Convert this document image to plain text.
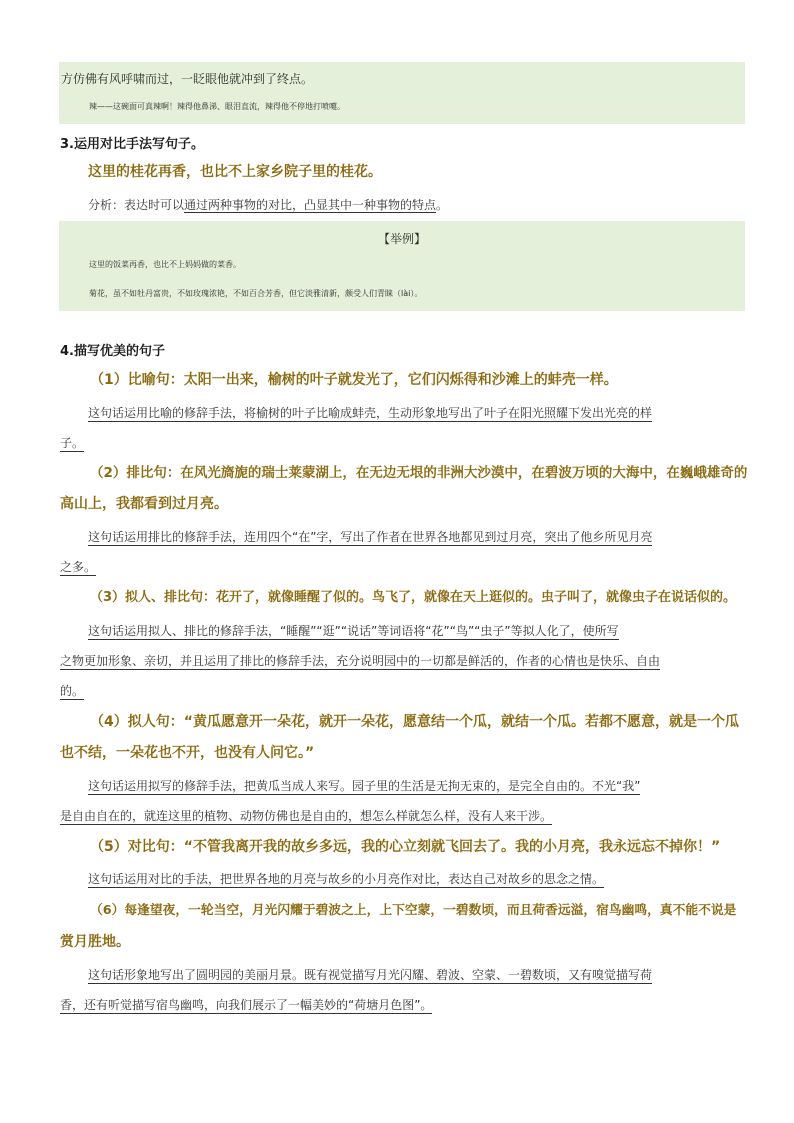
方仿佛有风呼啸而过，一眨眼他就冲到了终点。
辣——这碗面可真辣啊！辣得他鼻涕、眼泪直流，辣得他不停地打喷嚏。
3.运用对比手法写句子。
这里的桂花再香，也比不上家乡院子里的桂花。
分析：表达时可以通过两种事物的对比，凸显其中一种事物的特点。
【举例】
这里的饭菜再香，也比不上妈妈做的菜香。
菊花，虽不如牡丹富贵，不如玫瑰浓艳，不如百合芳香，但它淡雅清新，颇受人们青睐（lài）。
4.描写优美的句子
（1）比喻句：太阳一出来，榆树的叶子就发光了，它们闪烁得和沙滩上的蚌壳一样。
这句话运用比喻的修辞手法，将榆树的叶子比喻成蚌壳，生动形象地写出了叶子在阳光照耀下发出光亮的样
子。
（2）排比句：在风光旖旎的瑞士莱蒙湖上，在无边无垠的非洲大沙漠中，在碧波万顷的大海中，在巍峨雄奇的
高山上，我都看到过月亮。
这句话运用排比的修辞手法，连用四个“在”字，写出了作者在世界各地都见到过月亮，突出了他乡所见月亮
之多。
（3）拟人、排比句：花开了，就像睡醒了似的。鸟飞了，就像在天上逛似的。虫子叫了，就像虫子在说话似的。
这句话运用拟人、排比的修辞手法，“睡醒”“逛”“说话”等词语将“花”“鸟”“虫子”等拟人化了，使所写
之物更加形象、亲切，并且运用了排比的修辞手法，充分说明园中的一切都是鲜活的，作者的心情也是快乐、自由
的。
（4）拟人句：“黄瓜愿意开一朵花，就开一朵花，愿意结一个瓜，就结一个瓜。若都不愿意，就是一个瓜
也不结，一朵花也不开，也没有人问它。”
这句话运用拟写的修辞手法，把黄瓜当成人来写。园子里的生活是无拘无束的，是完全自由的。不光“我”
是自由自在的，就连这里的植物、动物仿佛也是自由的，想怎么样就怎么样，没有人来干涉。
（5）对比句：“不管我离开我的故乡多远，我的心立刻就飞回去了。我的小月亮，我永远忘不掉你！”
这句话运用对比的手法，把世界各地的月亮与故乡的小月亮作对比，表达自己对故乡的思念之情。
（6）每逢望夜，一轮当空，月光闪耀于碧波之上，上下空蒙，一碧数顷，而且荷香远溢，宿鸟幽鸣，真不能不说是
赏月胜地。
这句话形象地写出了圆明园的美丽月景。既有视觉描写月光闪耀、碧波、空蒙、一碧数顷，又有嗅觉描写荷
香，还有听觉描写宿鸟幽鸣，向我们展示了一幅美妙的“荷塘月色图”。
